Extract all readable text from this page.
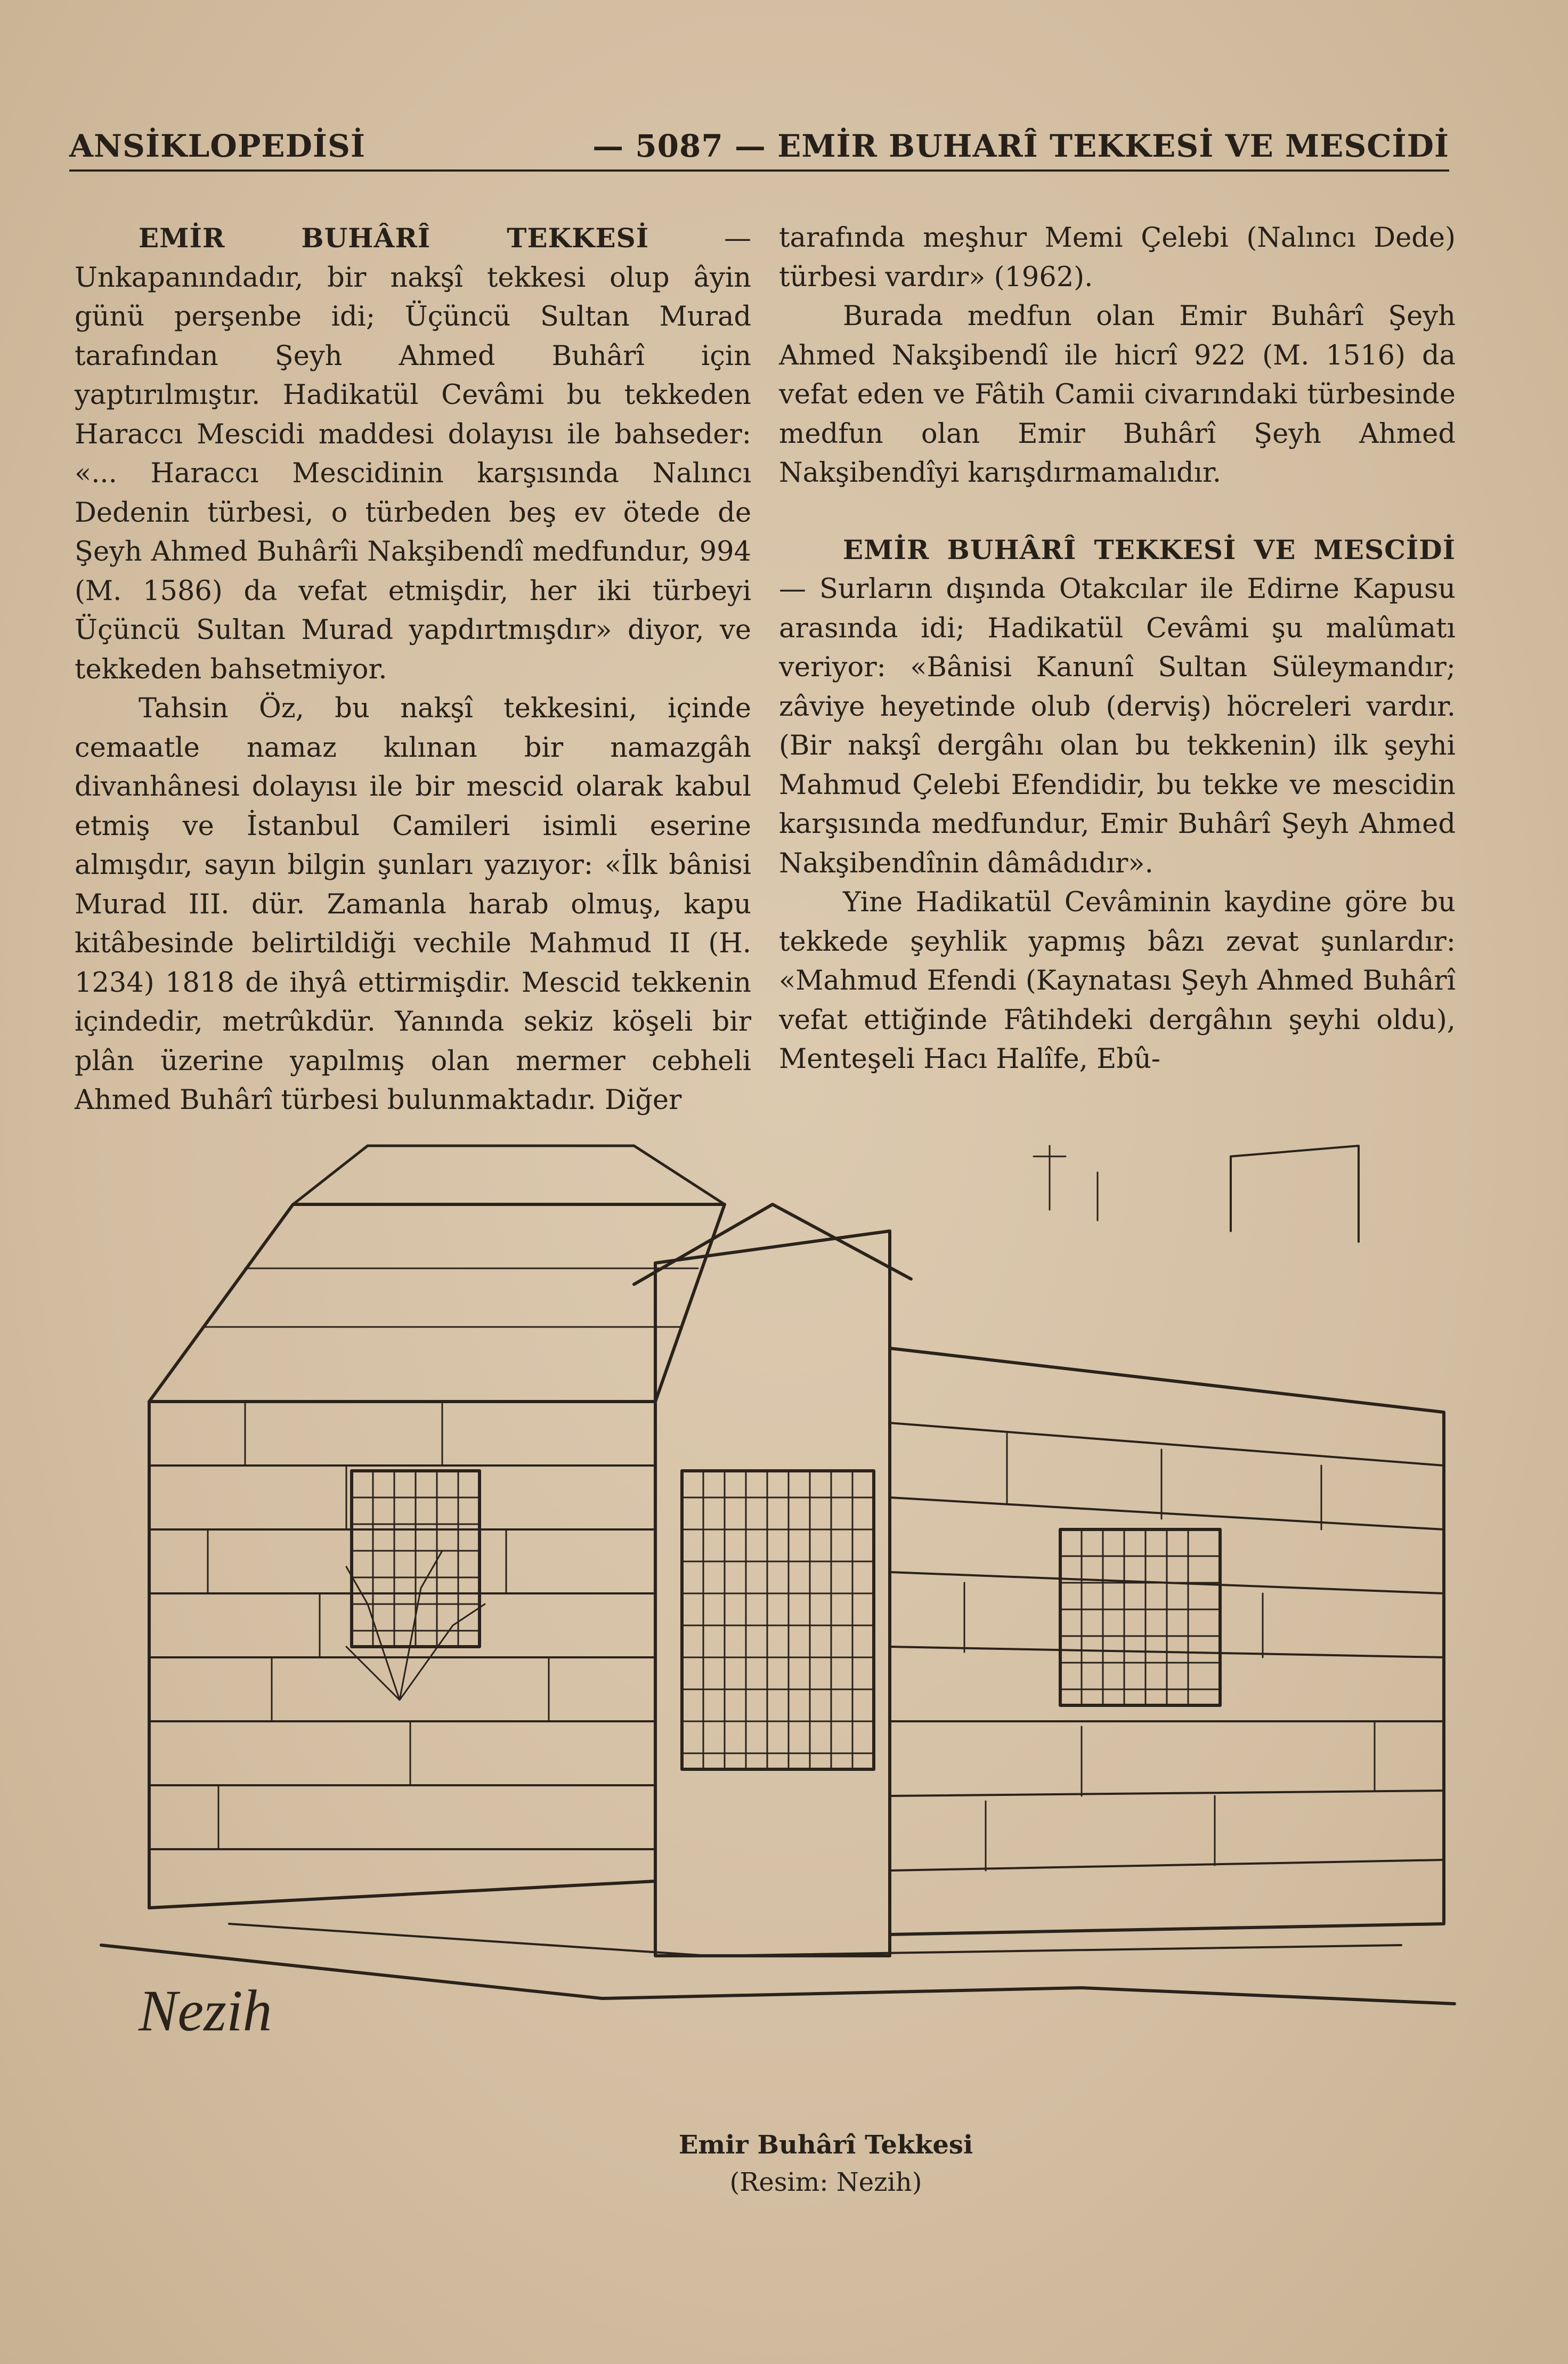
ANSİKLOPEDİSİ	— 5087 — EMİR BUHARÎ TEKKESİ VE MESCİDİ

EMİR BUHÂRÎ TEKKESİ	— Unkapanındadır, bir nakşî tekkesi olup âyin günü perşenbe idi; Üçüncü Sultan Murad tarafından Şeyh Ahmed Buhârî için yaptırılmıştır. Hadikatül Cevâmi bu tekkeden Haraccı Mescidi maddesi dolayısı ile bahseder: «... Haraccı Mescidinin karşısında Nalıncı Dedenin türbesi, o türbeden beş ev ötede de Şeyh Ahmed Buhârîi Nakşibendî medfundur, 994 (M. 1586) da vefat etmişdir, her iki türbeyi Üçüncü Sultan Murad yapdırtmışdır» diyor, ve tekkeden bahsetmiyor.

Tahsin Öz, bu nakşî tekkesini, içinde cemaatle namaz kılınan bir namazgâh divanhânesi dolayısı ile bir mescid olarak kabul etmiş ve İstanbul Camileri isimli eserine almışdır, sayın bilgin şunları yazıyor: «İlk bânisi Murad III. dür. Zamanla harab olmuş, kapu kitâbesinde belirtildiği vechile Mahmud II (H. 1234) 1818 de ihyâ ettirmişdir. Mescid tekkenin içindedir, metrûkdür. Yanında sekiz köşeli bir plân üzerine yapılmış olan mermer cebheli Ahmed Buhârî türbesi bulunmaktadır. Diğer

tarafında meşhur Memi Çelebi (Nalıncı Dede) türbesi vardır» (1962).

Burada medfun olan Emir Buhârî Şeyh Ahmed Nakşibendî ile hicrî 922 (M. 1516) da vefat eden ve Fâtih Camii civarındaki türbesinde medfun olan Emir Buhârî Şeyh Ahmed Nakşibendîyi karışdırmamalıdır.

EMİR BUHÂRÎ TEKKESİ VE MESCİDİ — Surların dışında Otakcılar ile Edirne Kapusu arasında idi; Hadikatül Cevâmi şu malûmatı veriyor: «Bânisi Kanunî Sultan Süleymandır; zâviye heyetinde olub (derviş) höcreleri vardır. (Bir nakşî dergâhı olan bu tekkenin) ilk şeyhi Mahmud Çelebi Efendidir, bu tekke ve mescidin karşısında medfundur, Emir Buhârî Şeyh Ahmed Nakşibendînin dâmâdıdır».

Yine Hadikatül Cevâminin kaydine göre bu tekkede şeyhlik yapmış bâzı zevat şunlardır: «Mahmud Efendi (Kaynatası Şeyh Ahmed Buhârî vefat ettiğinde Fâtihdeki dergâhın şeyhi oldu), Menteşeli Hacı Halîfe, Ebû-

Nezih
Emir Buhârî Tekkesi
(Resim: Nezih)
